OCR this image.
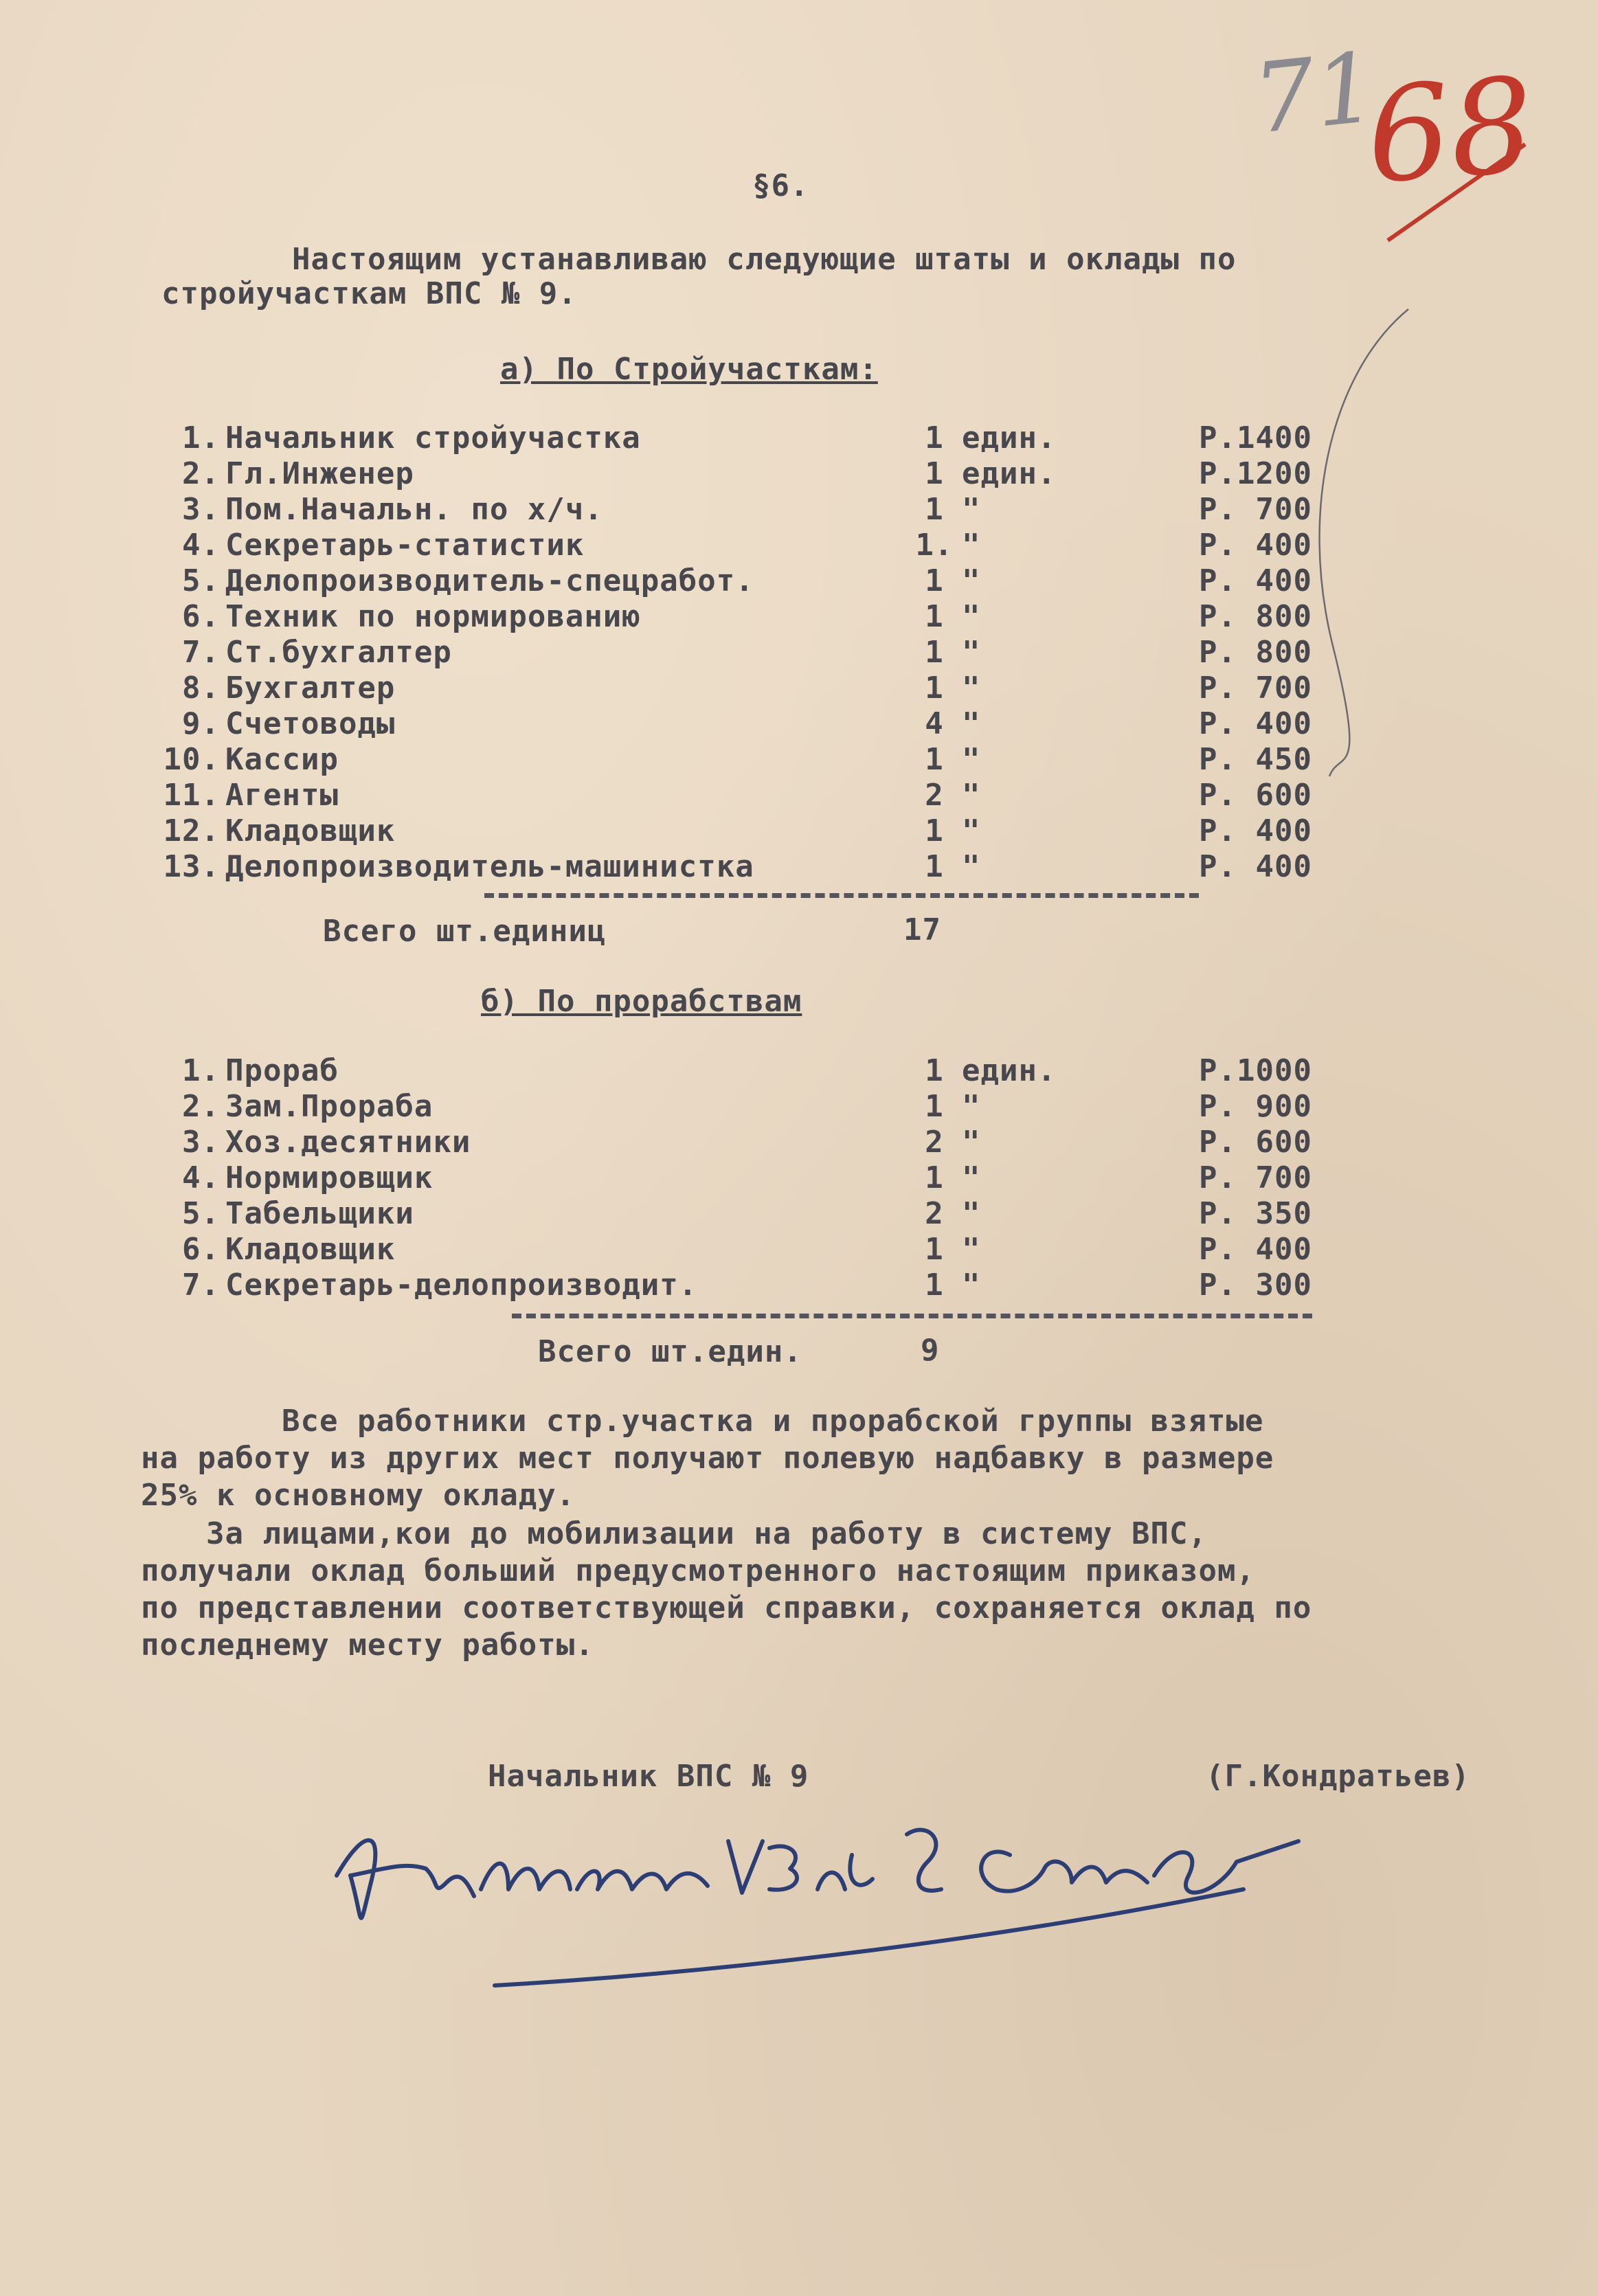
71
68
§6.
Настоящим устанавливаю следующие штаты и оклады по
стройучасткам ВПС № 9.
а) По Стройучасткам:
1. Начальник стройучастка	1 един.	Р.1400
2. Гл.Инженер	1 един.	Р.1200
3. Пом.Начальн. по х/ч.	1 "	Р. 700
4. Секретарь-статистик	1. "	Р. 400
5. Делопроизводитель-спецработ.	1 "	Р. 400
6. Техник по нормированию	1 "	Р. 800
7. Ст.бухгалтер	1 "	Р. 800
8. Бухгалтер	1 "	Р. 700
9. Счетоводы	4 "	Р. 400
10. Кассир	1 "	Р. 450
11. Агенты	2 "	Р. 600
12. Кладовщик	1 "	Р. 400
13. Делопроизводитель-машинистка	1 "	Р. 400
Всего шт.единиц	17
б) По прорабствам
1. Прораб	1 един.	Р.1000
2. Зам.Прораба	1 "	Р. 900
3. Хоз.десятники	2 "	Р. 600
4. Нормировщик	1 "	Р. 700
5. Табельщики	2 "	Р. 350
6. Кладовщик	1 "	Р. 400
7. Секретарь-делопроизводит.	1 "	Р. 300
Всего шт.един.	9
Все работники стр.участка и прорабской группы взятые
на работу из других мест получают полевую надбавку в размере
25% к основному окладу.
За лицами,кои до мобилизации на работу в систему ВПС,
получали оклад больший предусмотренного настоящим приказом,
по представлении соответствующей справки, сохраняется оклад по
последнему месту работы.
Начальник ВПС № 9	(Г.Кондратьев)
